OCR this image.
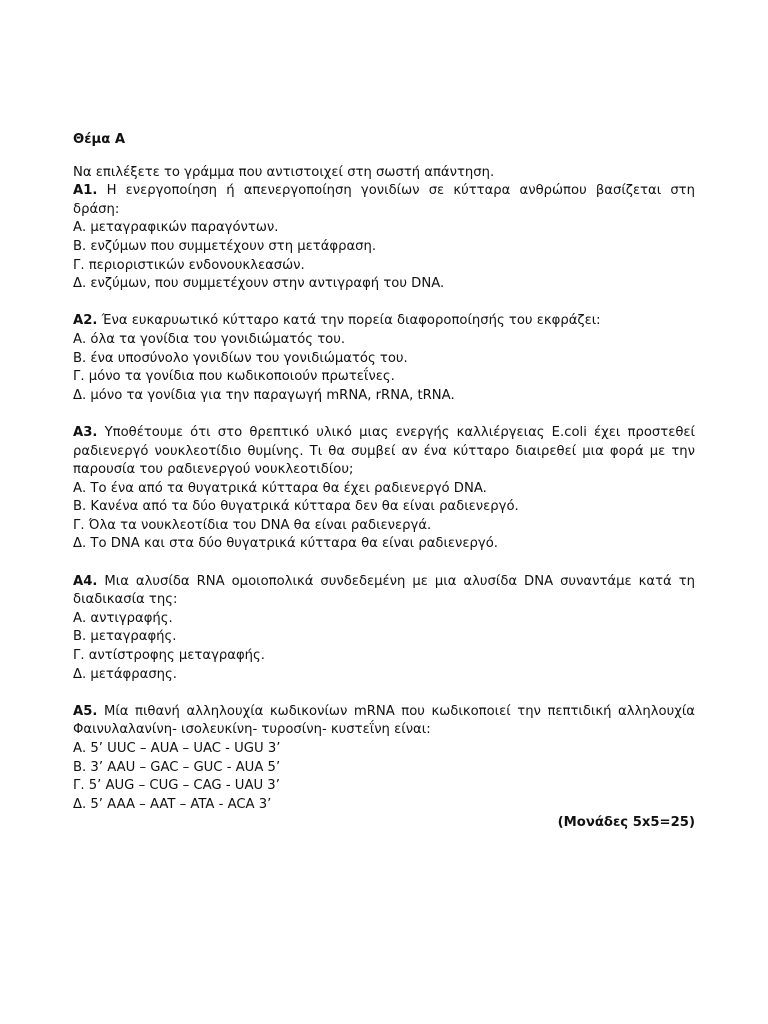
Θέμα Α

Να επιλέξετε το γράμμα που αντιστοιχεί στη σωστή απάντηση.

Α1. Η ενεργοποίηση ή απενεργοποίηση γονιδίων σε κύτταρα ανθρώπου βασίζεται στη δράση:

Α. μεταγραφικών παραγόντων.

Β. ενζύμων που συμμετέχουν στη μετάφραση.

Γ. περιοριστικών ενδονουκλεασών.

Δ. ενζύμων, που συμμετέχουν στην αντιγραφή του DNA.

Α2. Ένα ευκαρυωτικό κύτταρο κατά την πορεία διαφοροποίησής του εκφράζει:

Α. όλα τα γονίδια του γονιδιώματός του.

Β. ένα υποσύνολο γονιδίων του γονιδιώματός του.

Γ. μόνο τα γονίδια που κωδικοποιούν πρωτεΐνες.

Δ. μόνο τα γονίδια για την παραγωγή mRNA, rRNA, tRNA.

Α3. Υποθέτουμε ότι στο θρεπτικό υλικό μιας ενεργής καλλιέργειας E.coli έχει προστεθεί ραδιενεργό νουκλεοτίδιο θυμίνης. Τι θα συμβεί αν ένα κύτταρο διαιρεθεί μια φορά με την παρουσία του ραδιενεργού νουκλεοτιδίου;

Α. Το ένα από τα θυγατρικά κύτταρα θα έχει ραδιενεργό DNA.

Β. Κανένα από τα δύο θυγατρικά κύτταρα δεν θα είναι ραδιενεργό.

Γ. Όλα τα νουκλεοτίδια του DNA θα είναι ραδιενεργά.

Δ. Το DNA και στα δύο θυγατρικά κύτταρα θα είναι ραδιενεργό.

Α4. Μια αλυσίδα RNA ομοιοπολικά συνδεδεμένη με μια αλυσίδα DNA συναντάμε κατά τη διαδικασία της:

Α. αντιγραφής.

Β. μεταγραφής.

Γ. αντίστροφης μεταγραφής.

Δ. μετάφρασης.

Α5. Μία πιθανή αλληλουχία κωδικονίων mRNA που κωδικοποιεί την πεπτιδική αλληλουχία Φαινυλαλανίνη- ισολευκίνη- τυροσίνη- κυστεΐνη είναι:

Α. 5’ UUC – AUA – UAC - UGU 3’

Β. 3’ AAU – GAC – GUC - AUA 5’

Γ. 5’ AUG – CUG – CAG - UAU 3’

Δ. 5’ AAA – AAT – ATA - ACA 3’

(Μονάδες 5x5=25)
